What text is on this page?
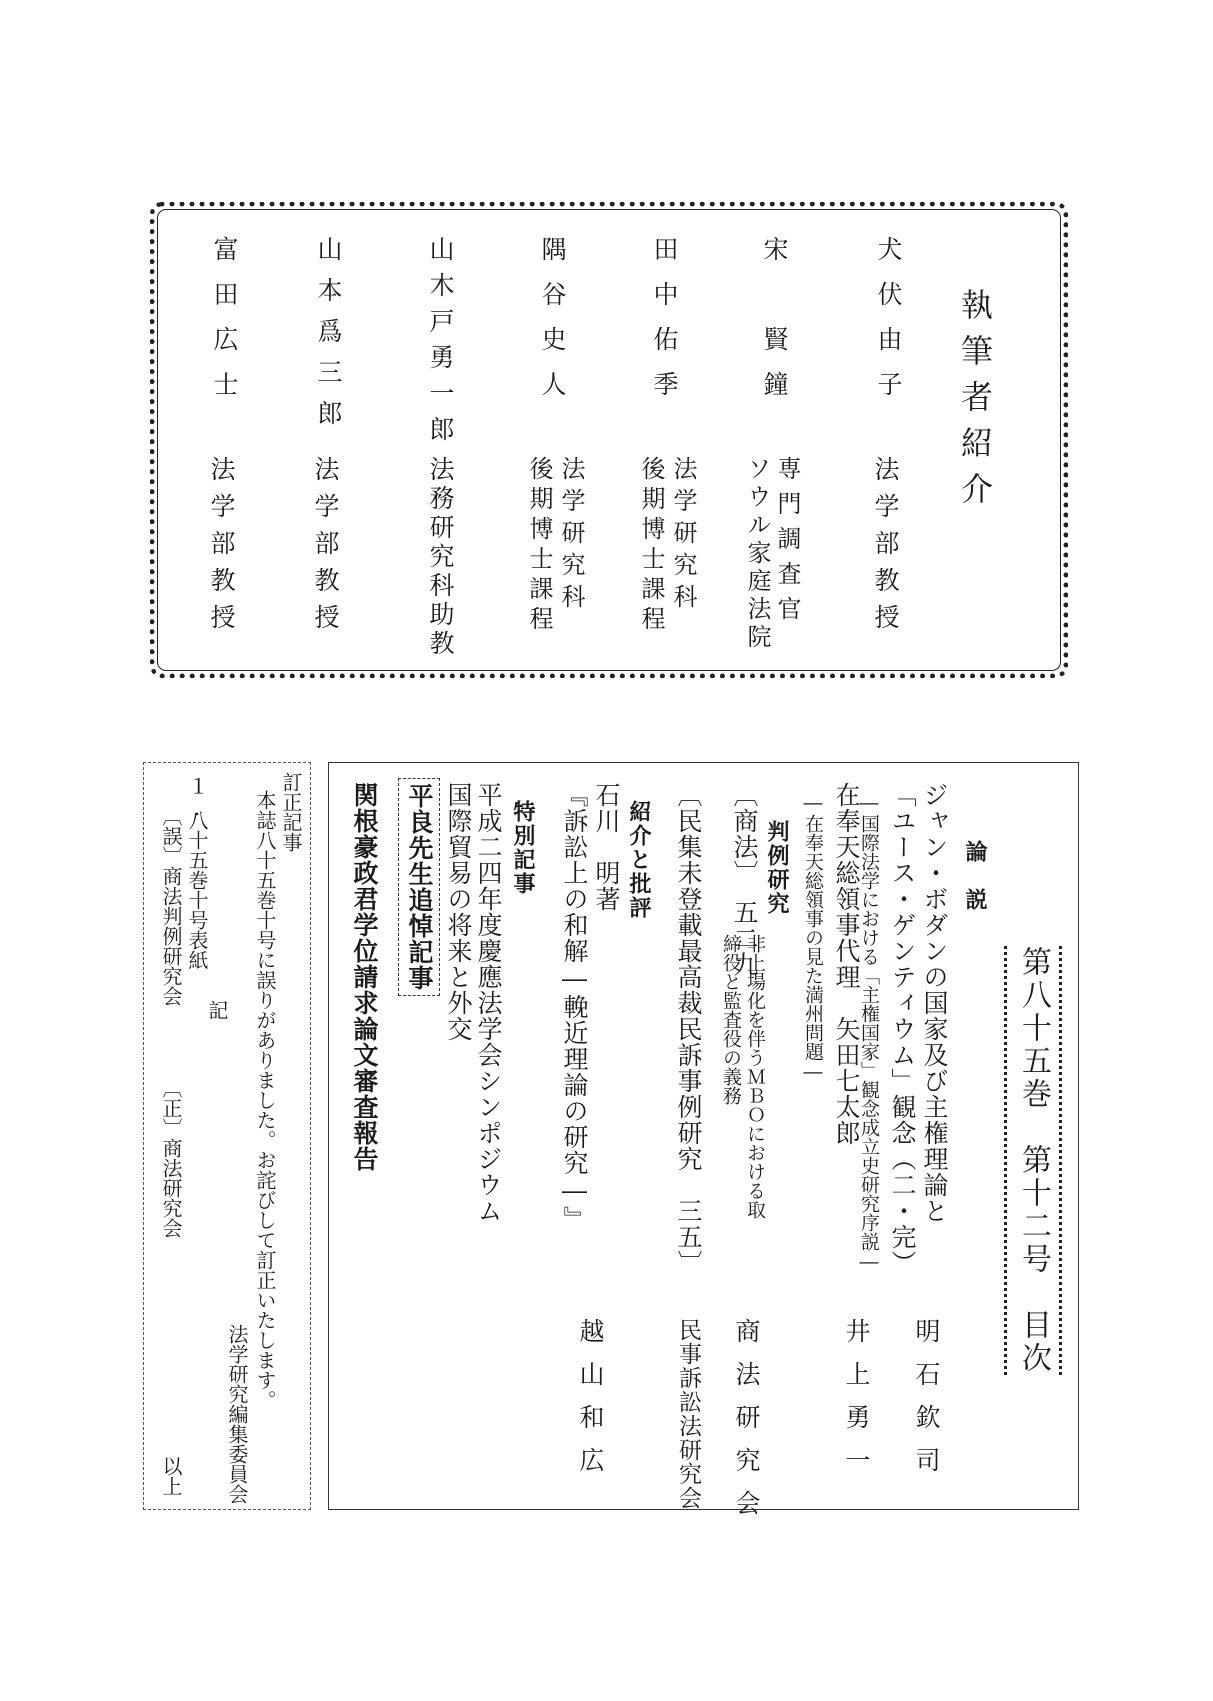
執筆者紹介
犬伏由子
法学部教授
宋　賢鐘
ソウル家庭法院 専門調査官
田中佑季
法学研究科
後期博士課程
隅谷史人
法学研究科
後期博士課程
山木戸勇一郎
法務研究科助教
山本爲三郎
法学部教授
富田広士
法学部教授
第八十五巻　第十二号　目次
論　説
ジャン・ボダンの国家及び主権理論と
「ユース・ゲンティウム」観念（二・完）
―国際法学における「主権国家」観念成立史研究序説―
明石欽司
在奉天総領事代理　矢田七太郎
―在奉天総領事の見た満州問題―
井上勇一
判例研究
〔商法〕　五二九
非上場化を伴うＭＢＯにおける取
締役と監査役の義務
商法研究会
〔民集未登載最高裁民訴事例研究　三五〕
民事訴訟法研究会
紹介と批評
石川　明著
『訴訟上の和解―輓近理論の研究―』
越山和広
特別記事
平成二四年度慶應法学会シンポジウム
国際貿易の将来と外交
平良先生追悼記事
関根豪政君学位請求論文審査報告
訂正記事
本誌八十五巻十号に誤りがありました。お詫びして訂正いたします。
法学研究編集委員会
記
１.
八十五巻十号表紙
〔誤〕商法判例研究会
〔正〕商法研究会
以上
